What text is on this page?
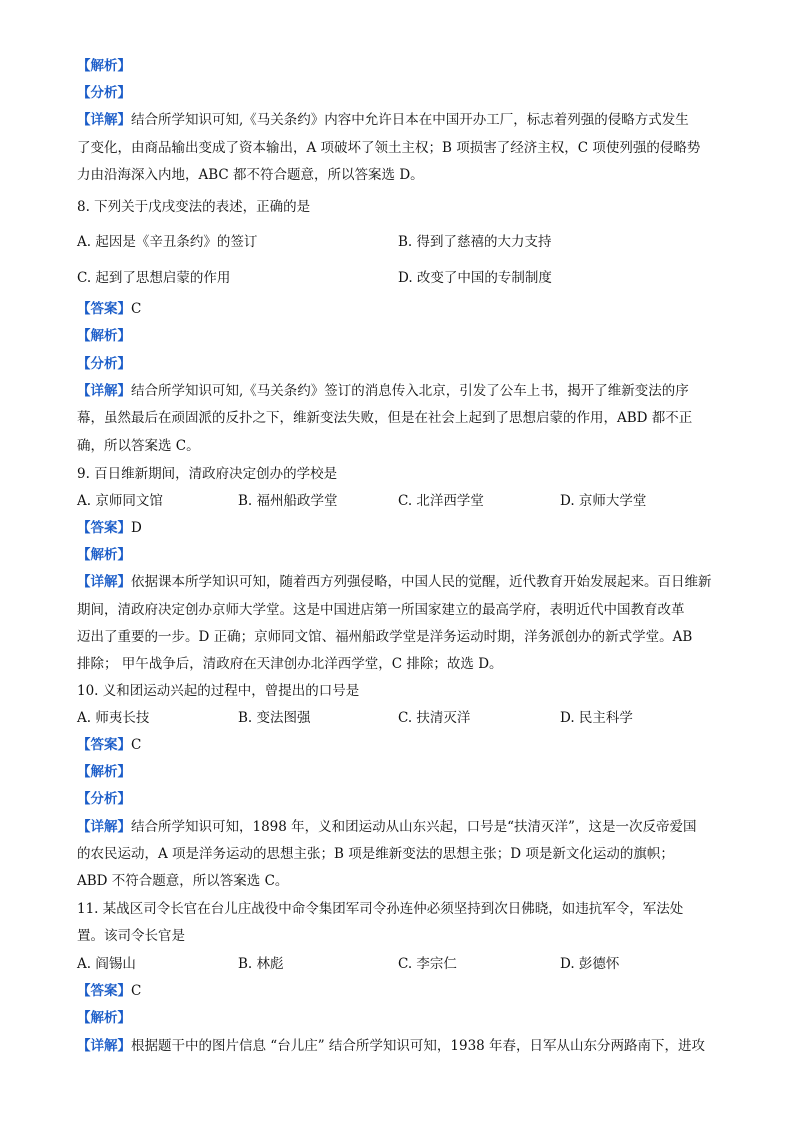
【解析】
【分析】
【详解】结合所学知识可知,《马关条约》内容中允许日本在中国开办工厂，标志着列强的侵略方式发生
了变化，由商品输出变成了资本输出，A 项破坏了领土主权；B 项损害了经济主权，C 项使列强的侵略势
力由沿海深入内地，ABC 都不符合题意，所以答案选 D。
8. 下列关于戊戌变法的表述，正确的是
A. 起因是《辛丑条约》的签订	B. 得到了慈禧的大力支持
C. 起到了思想启蒙的作用	D. 改变了中国的专制制度
【答案】C
【解析】
【分析】
【详解】结合所学知识可知,《马关条约》签订的消息传入北京，引发了公车上书，揭开了维新变法的序
幕，虽然最后在顽固派的反扑之下，维新变法失败，但是在社会上起到了思想启蒙的作用，ABD 都不正
确，所以答案选 C。
9. 百日维新期间，清政府决定创办的学校是
A. 京师同文馆	B. 福州船政学堂	C. 北洋西学堂	D. 京师大学堂
【答案】D
【解析】
【详解】依据课本所学知识可知，随着西方列强侵略，中国人民的觉醒，近代教育开始发展起来。百日维新
期间，清政府决定创办京师大学堂。这是中国进店第一所国家建立的最高学府，表明近代中国教育改革
迈出了重要的一步。D 正确；京师同文馆、福州船政学堂是洋务运动时期，洋务派创办的新式学堂。AB
排除； 甲午战争后，清政府在天津创办北洋西学堂，C 排除；故选 D。
10. 义和团运动兴起的过程中，曾提出的口号是
A. 师夷长技	B. 变法图强	C. 扶清灭洋	D. 民主科学
【答案】C
【解析】
【分析】
【详解】结合所学知识可知，1898 年，义和团运动从山东兴起，口号是“扶清灭洋”，这是一次反帝爱国
的农民运动，A 项是洋务运动的思想主张；B 项是维新变法的思想主张；D 项是新文化运动的旗帜；
ABD 不符合题意，所以答案选 C。
11. 某战区司令长官在台儿庄战役中命令集团军司令孙连仲必须坚持到次日佛晓，如违抗军令，军法处
置。该司令长官是
A. 阎锡山	B. 林彪	C. 李宗仁	D. 彭德怀
【答案】C
【解析】
【详解】根据题干中的图片信息 “台儿庄” 结合所学知识可知，1938 年春，日军从山东分两路南下，进攻
